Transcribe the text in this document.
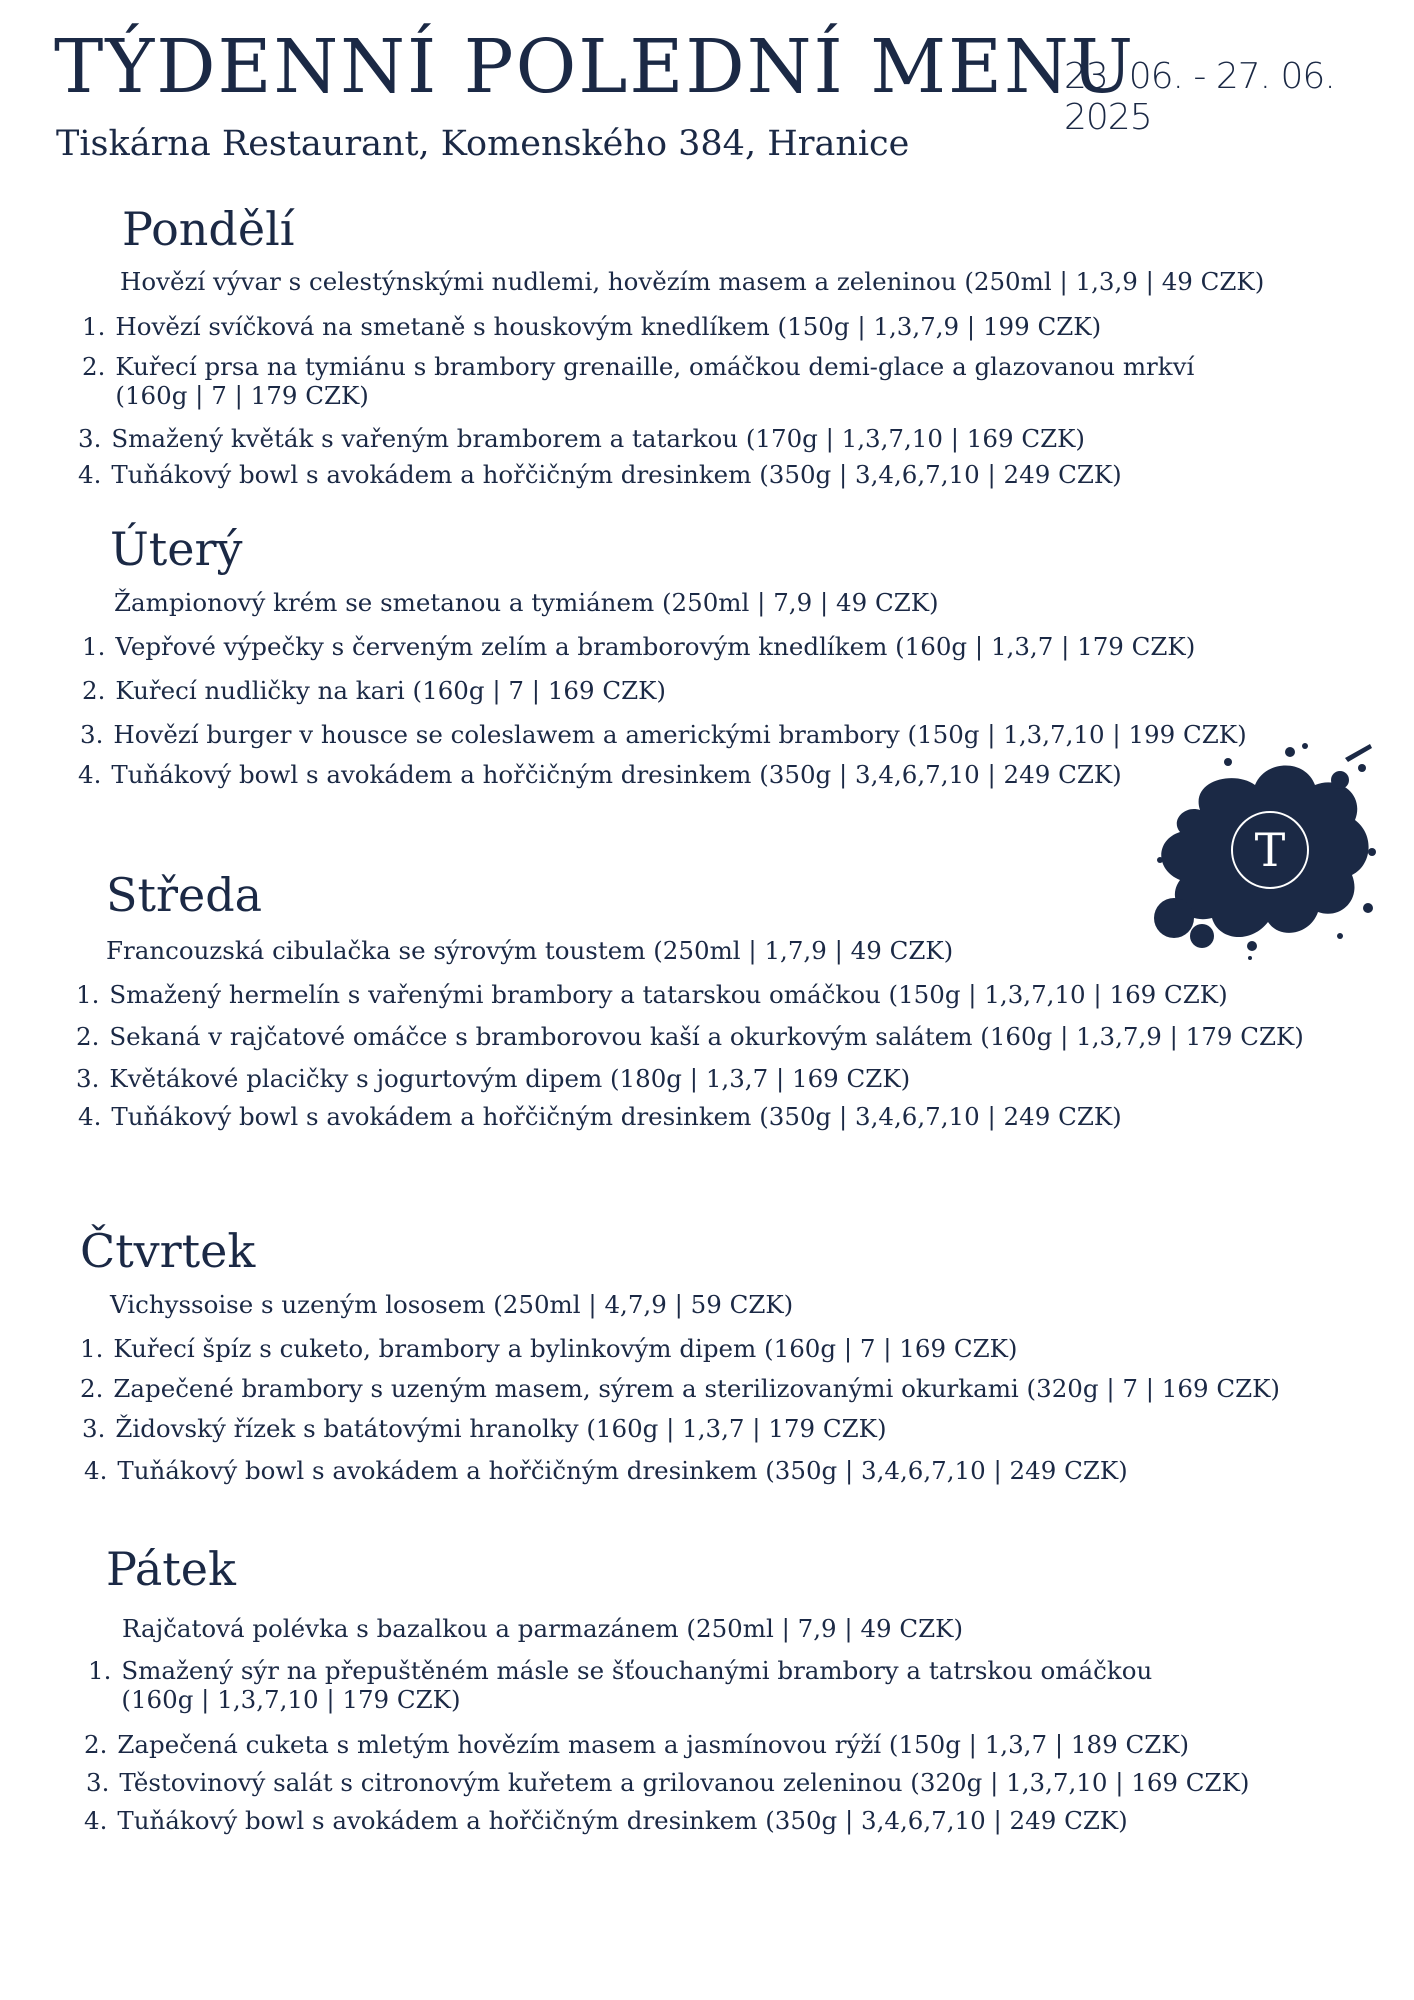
TÝDENNÍ POLEDNÍ MENU
23. 06. - 27. 06. 2025
Tiskárna Restaurant, Komenského 384, Hranice
Pondělí
Hovězí vývar s celestýnskými nudlemi, hovězím masem a zeleninou (250ml | 1,3,9 | 49 CZK)
1. Hovězí svíčková na smetaně s houskovým knedlíkem (150g | 1,3,7,9 | 199 CZK)
2. Kuřecí prsa na tymiánu s brambory grenaille, omáčkou demi-glace a glazovanou mrkví
(160g | 7 | 179 CZK)
3. Smažený květák s vařeným bramborem a tatarkou (170g | 1,3,7,10 | 169 CZK)
4. Tuňákový bowl s avokádem a hořčičným dresinkem (350g | 3,4,6,7,10 | 249 CZK)
Úterý
Žampionový krém se smetanou a tymiánem (250ml | 7,9 | 49 CZK)
1. Vepřové výpečky s červeným zelím a bramborovým knedlíkem (160g | 1,3,7 | 179 CZK)
2. Kuřecí nudličky na kari (160g | 7 | 169 CZK)
3. Hovězí burger v housce se coleslawem a americkými brambory (150g | 1,3,7,10 | 199 CZK)
4. Tuňákový bowl s avokádem a hořčičným dresinkem (350g | 3,4,6,7,10 | 249 CZK)
T
Středa
Francouzská cibulačka se sýrovým toustem (250ml | 1,7,9 | 49 CZK)
1. Smažený hermelín s vařenými brambory a tatarskou omáčkou (150g | 1,3,7,10 | 169 CZK)
2. Sekaná v rajčatové omáčce s bramborovou kaší a okurkovým salátem (160g | 1,3,7,9 | 179 CZK)
3. Květákové placičky s jogurtovým dipem (180g | 1,3,7 | 169 CZK)
4. Tuňákový bowl s avokádem a hořčičným dresinkem (350g | 3,4,6,7,10 | 249 CZK)
Čtvrtek
Vichyssoise s uzeným lososem (250ml | 4,7,9 | 59 CZK)
1. Kuřecí špíz s cuketo, brambory a bylinkovým dipem (160g | 7 | 169 CZK)
2. Zapečené brambory s uzeným masem, sýrem a sterilizovanými okurkami (320g | 7 | 169 CZK)
3. Židovský řízek s batátovými hranolky (160g | 1,3,7 | 179 CZK)
4. Tuňákový bowl s avokádem a hořčičným dresinkem (350g | 3,4,6,7,10 | 249 CZK)
Pátek
Rajčatová polévka s bazalkou a parmazánem (250ml | 7,9 | 49 CZK)
1. Smažený sýr na přepuštěném másle se šťouchanými brambory a tatrskou omáčkou
(160g | 1,3,7,10 | 179 CZK)
2. Zapečená cuketa s mletým hovězím masem a jasmínovou rýží (150g | 1,3,7 | 189 CZK)
3. Těstovinový salát s citronovým kuřetem a grilovanou zeleninou (320g | 1,3,7,10 | 169 CZK)
4. Tuňákový bowl s avokádem a hořčičným dresinkem (350g | 3,4,6,7,10 | 249 CZK)
